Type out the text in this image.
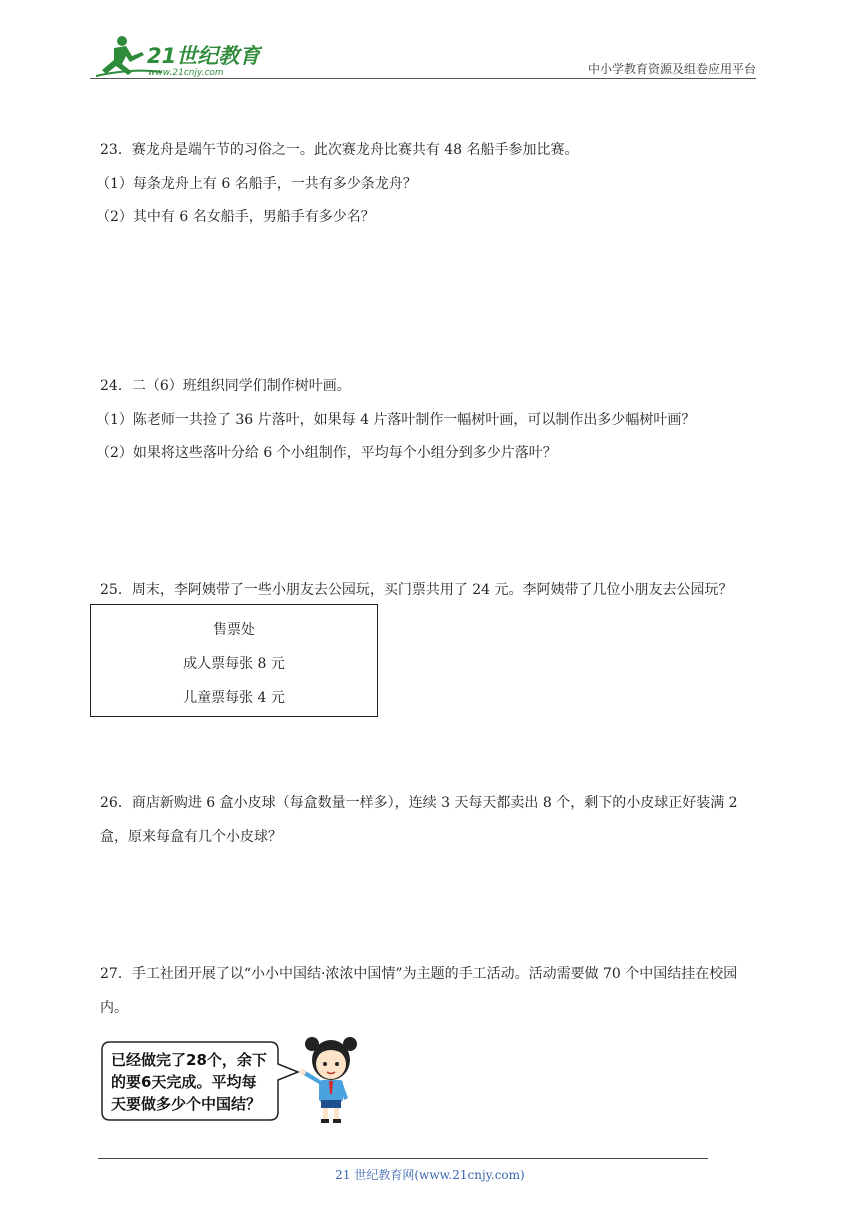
21世纪教育
www.21cnjy.com	中小学教育资源及组卷应用平台
23．赛龙舟是端午节的习俗之一。此次赛龙舟比赛共有 48 名船手参加比赛。
（1）每条龙舟上有 6 名船手，一共有多少条龙舟？
（2）其中有 6 名女船手，男船手有多少名？
24．二（6）班组织同学们制作树叶画。
（1）陈老师一共捡了 36 片落叶，如果每 4 片落叶制作一幅树叶画，可以制作出多少幅树叶画？
（2）如果将这些落叶分给 6 个小组制作，平均每个小组分到多少片落叶？
25．周末，李阿姨带了一些小朋友去公园玩，买门票共用了 24 元。李阿姨带了几位小朋友去公园玩？
售票处
成人票每张 8 元
儿童票每张 4 元
26．商店新购进 6 盒小皮球（每盒数量一样多），连续 3 天每天都卖出 8 个，剩下的小皮球正好装满 2 盒，原来每盒有几个小皮球？
27．手工社团开展了以“小小中国结·浓浓中国情”为主题的手工活动。活动需要做 70 个中国结挂在校园内。
已经做完了28个，余下
的要6天完成。平均每
天要做多少个中国结？
21 世纪教育网(www.21cnjy.com)
